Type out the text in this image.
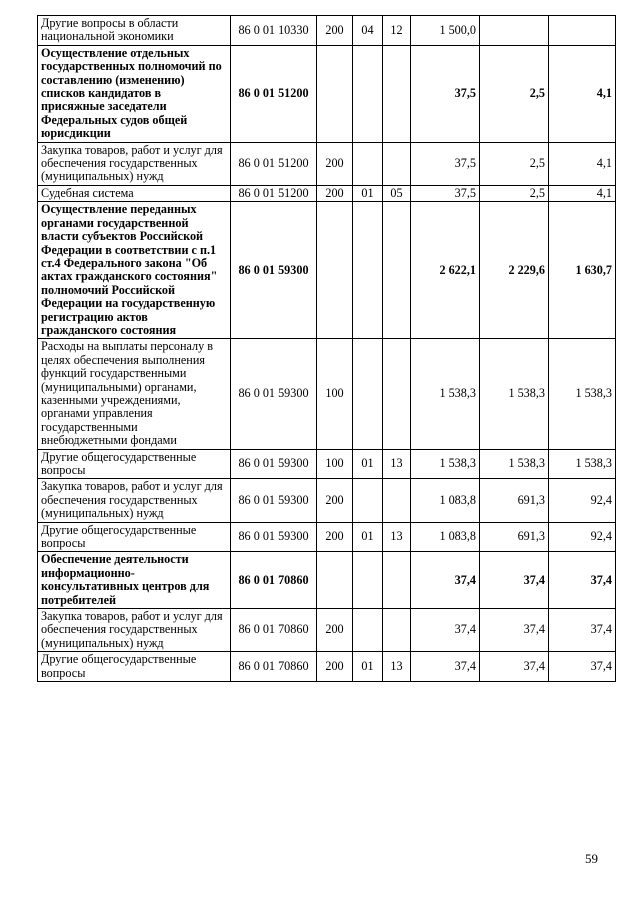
Другие вопросы в области национальной экономики	86 0 01 10330	200	04	12	1 500,0		
Осуществление отдельных государственных полномочий по составлению (изменению) списков кандидатов в присяжные заседатели Федеральных судов общей юрисдикции	86 0 01 51200				37,5	2,5	4,1
Закупка товаров, работ и услуг для обеспечения государственных (муниципальных) нужд	86 0 01 51200	200			37,5	2,5	4,1
Судебная система	86 0 01 51200	200	01	05	37,5	2,5	4,1
Осуществление переданных органами государственной власти субъектов Российской Федерации в соответствии с п.1 ст.4 Федерального закона "Об актах гражданского состояния" полномочий Российской Федерации на государственную регистрацию актов гражданского состояния	86 0 01 59300				2 622,1	2 229,6	1 630,7
Расходы на выплаты персоналу в целях обеспечения выполнения функций государственными (муниципальными) органами, казенными учреждениями, органами управления государственными внебюджетными фондами	86 0 01 59300	100			1 538,3	1 538,3	1 538,3
Другие общегосударственные вопросы	86 0 01 59300	100	01	13	1 538,3	1 538,3	1 538,3
Закупка товаров, работ и услуг для обеспечения государственных (муниципальных) нужд	86 0 01 59300	200			1 083,8	691,3	92,4
Другие общегосударственные вопросы	86 0 01 59300	200	01	13	1 083,8	691,3	92,4
Обеспечение деятельности информационно-консультативных центров для потребителей	86 0 01 70860				37,4	37,4	37,4
Закупка товаров, работ и услуг для обеспечения государственных (муниципальных) нужд	86 0 01 70860	200			37,4	37,4	37,4
Другие общегосударственные вопросы	86 0 01 70860	200	01	13	37,4	37,4	37,4
59
